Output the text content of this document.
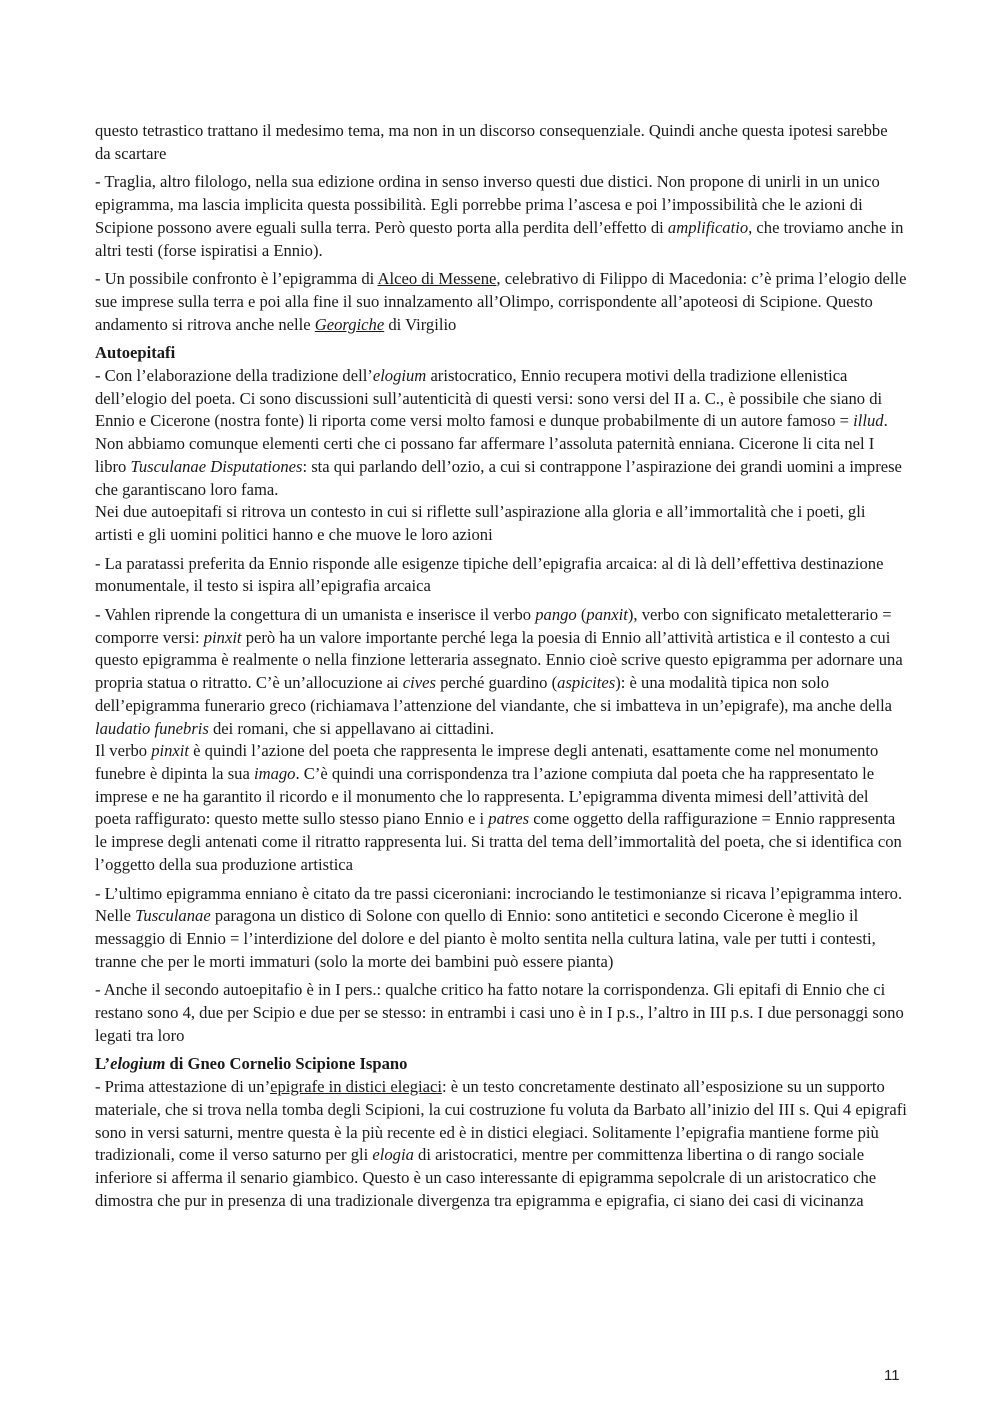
questo tetrastico trattano il medesimo tema, ma non in un discorso consequenziale. Quindi anche questa ipotesi sarebbe da scartare

- Traglia, altro filologo, nella sua edizione ordina in senso inverso questi due distici. Non propone di unirli in un unico epigramma, ma lascia implicita questa possibilità. Egli porrebbe prima l’ascesa e poi l’impossibilità che le azioni di Scipione possono avere eguali sulla terra. Però questo porta alla perdita dell’effetto di amplificatio, che troviamo anche in altri testi (forse ispiratisi a Ennio).

- Un possibile confronto è l’epigramma di Alceo di Messene, celebrativo di Filippo di Macedonia: c’è prima l’elogio delle sue imprese sulla terra e poi alla fine il suo innalzamento all’Olimpo, corrispondente all’apoteosi di Scipione. Questo andamento si ritrova anche nelle Georgiche di Virgilio

Autoepitafi

- Con l’elaborazione della tradizione dell’elogium aristocratico, Ennio recupera motivi della tradizione ellenistica dell’elogio del poeta. Ci sono discussioni sull’autenticità di questi versi: sono versi del II a. C., è possibile che siano di Ennio e Cicerone (nostra fonte) li riporta come versi molto famosi e dunque probabilmente di un autore famoso = illud. Non abbiamo comunque elementi certi che ci possano far affermare l’assoluta paternità enniana. Cicerone li cita nel I libro Tusculanae Disputationes: sta qui parlando dell’ozio, a cui si contrappone l’aspirazione dei grandi uomini a imprese che garantiscano loro fama.
Nei due autoepitafi si ritrova un contesto in cui si riflette sull’aspirazione alla gloria e all’immortalità che i poeti, gli artisti e gli uomini politici hanno e che muove le loro azioni

- La paratassi preferita da Ennio risponde alle esigenze tipiche dell’epigrafia arcaica: al di là dell’effettiva destinazione monumentale, il testo si ispira all’epigrafia arcaica

- Vahlen riprende la congettura di un umanista e inserisce il verbo pango (panxit), verbo con significato metaletterario = comporre versi: pinxit però ha un valore importante perché lega la poesia di Ennio all’attività artistica e il contesto a cui questo epigramma è realmente o nella finzione letteraria assegnato. Ennio cioè scrive questo epigramma per adornare una propria statua o ritratto. C’è un’allocuzione ai cives perché guardino (aspicites): è una modalità tipica non solo dell’epigramma funerario greco (richiamava l’attenzione del viandante, che si imbatteva in un’epigrafe), ma anche della laudatio funebris dei romani, che si appellavano ai cittadini.
Il verbo pinxit è quindi l’azione del poeta che rappresenta le imprese degli antenati, esattamente come nel monumento funebre è dipinta la sua imago. C’è quindi una corrispondenza tra l’azione compiuta dal poeta che ha rappresentato le imprese e ne ha garantito il ricordo e il monumento che lo rappresenta. L’epigramma diventa mimesi dell’attività del poeta raffigurato: questo mette sullo stesso piano Ennio e i patres come oggetto della raffigurazione = Ennio rappresenta le imprese degli antenati come il ritratto rappresenta lui. Si tratta del tema dell’immortalità del poeta, che si identifica con l’oggetto della sua produzione artistica

- L’ultimo epigramma enniano è citato da tre passi ciceroniani: incrociando le testimonianze si ricava l’epigramma intero. Nelle Tusculanae paragona un distico di Solone con quello di Ennio: sono antitetici e secondo Cicerone è meglio il messaggio di Ennio = l’interdizione del dolore e del pianto è molto sentita nella cultura latina, vale per tutti i contesti, tranne che per le morti immaturi (solo la morte dei bambini può essere pianta)

- Anche il secondo autoepitafio è in I pers.: qualche critico ha fatto notare la corrispondenza. Gli epitafi di Ennio che ci restano sono 4, due per Scipio e due per se stesso: in entrambi i casi uno è in I p.s., l’altro in III p.s. I due personaggi sono legati tra loro

L’elogium di Gneo Cornelio Scipione Ispano

- Prima attestazione di un’epigrafe in distici elegiaci: è un testo concretamente destinato all’esposizione su un supporto materiale, che si trova nella tomba degli Scipioni, la cui costruzione fu voluta da Barbato all’inizio del III s. Qui 4 epigrafi sono in versi saturni, mentre questa è la più recente ed è in distici elegiaci. Solitamente l’epigrafia mantiene forme più tradizionali, come il verso saturno per gli elogia di aristocratici, mentre per committenza libertina o di rango sociale inferiore si afferma il senario giambico. Questo è un caso interessante di epigramma sepolcrale di un aristocratico che dimostra che pur in presenza di una tradizionale divergenza tra epigramma e epigrafia, ci siano dei casi di vicinanza

11
